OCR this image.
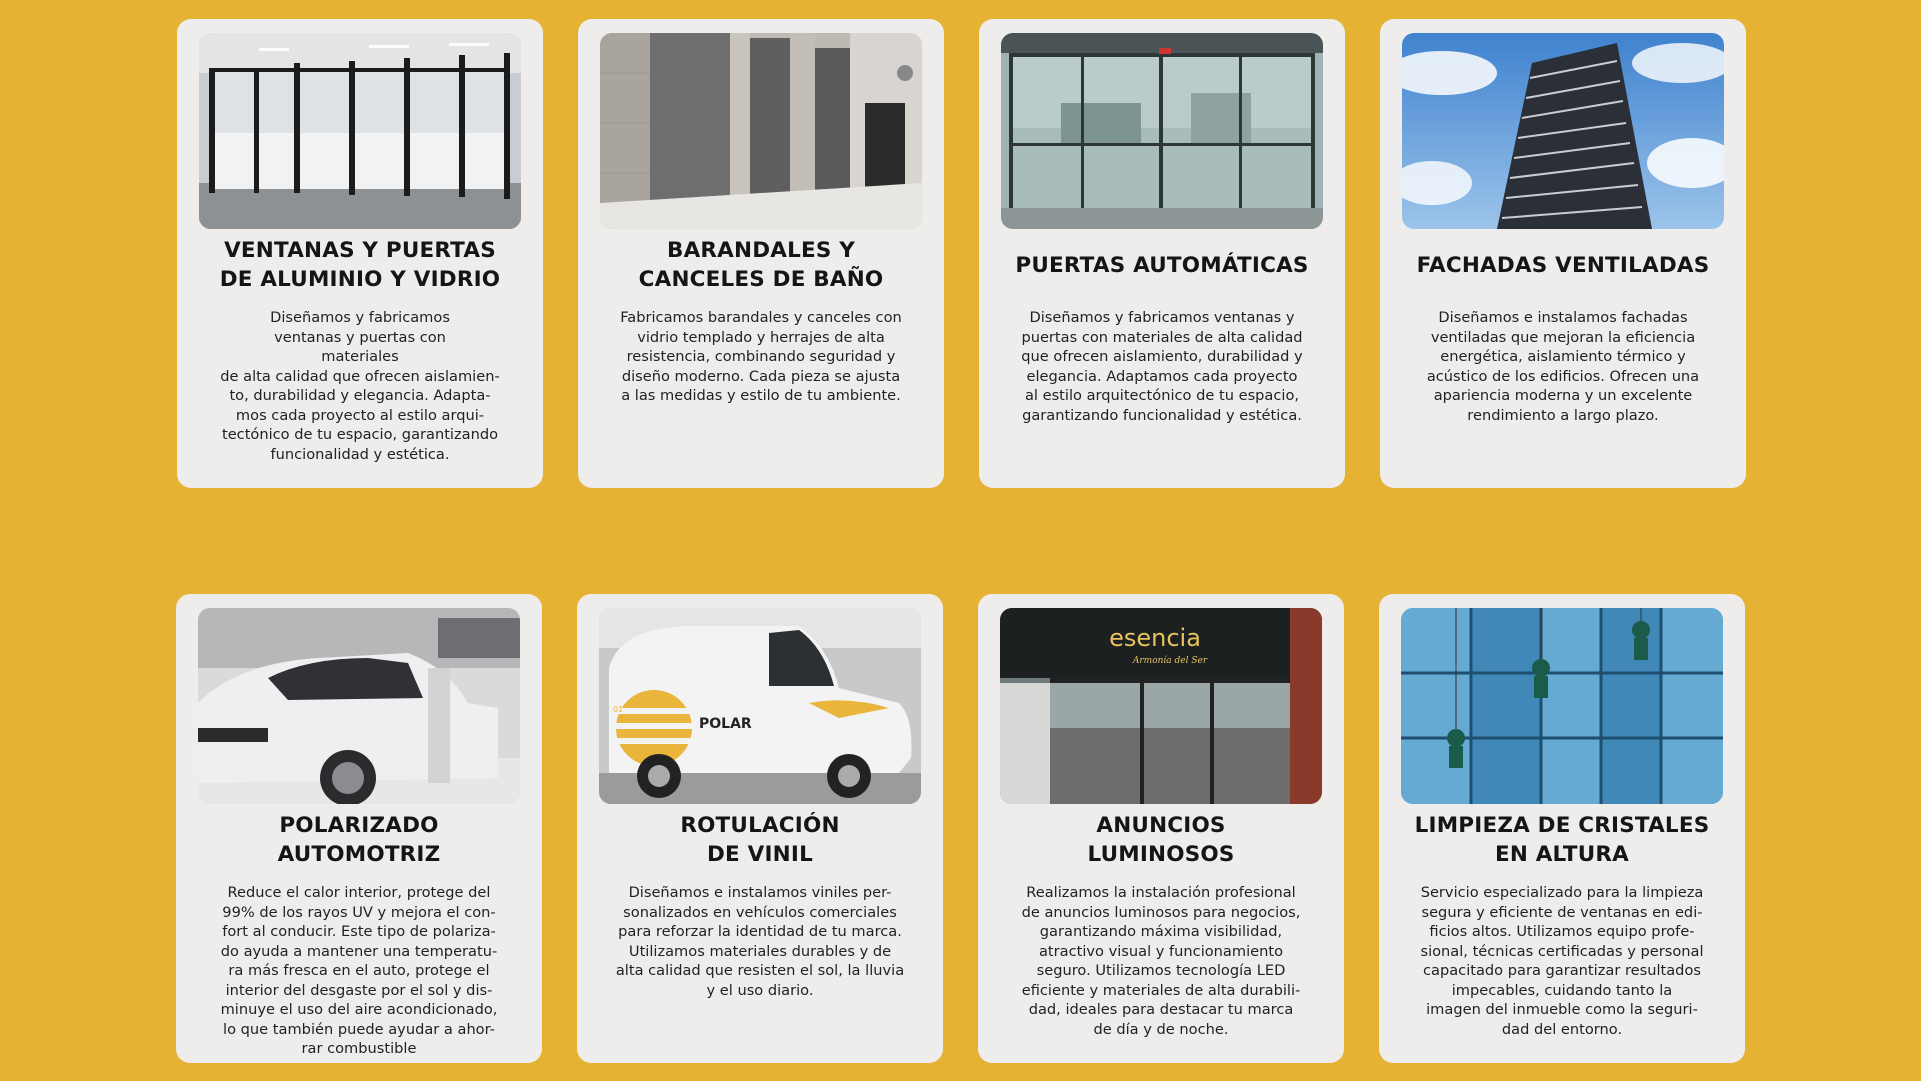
VENTANAS Y PUERTAS
DE ALUMINIO Y VIDRIO
Diseñamos y fabricamos
ventanas y puertas con
materiales
de alta calidad que ofrecen aislamien-
to, durabilidad y elegancia. Adapta-
mos cada proyecto al estilo arqui-
tectónico de tu espacio, garantizando
funcionalidad y estética.
BARANDALES Y
CANCELES DE BAÑO
Fabricamos barandales y canceles con
vidrio templado y herrajes de alta
resistencia, combinando seguridad y
diseño moderno. Cada pieza se ajusta
a las medidas y estilo de tu ambiente.
PUERTAS AUTOMÁTICAS
Diseñamos y fabricamos ventanas y
puertas con materiales de alta calidad
que ofrecen aislamiento, durabilidad y
elegancia. Adaptamos cada proyecto
al estilo arquitectónico de tu espacio,
garantizando funcionalidad y estética.
FACHADAS VENTILADAS
Diseñamos e instalamos fachadas
ventiladas que mejoran la eficiencia
energética, aislamiento térmico y
acústico de los edificios. Ofrecen una
apariencia moderna y un excelente
rendimiento a largo plazo.
POLARIZADO
AUTOMOTRIZ
Reduce el calor interior, protege del
99% de los rayos UV y mejora el con-
fort al conducir. Este tipo de polariza-
do ayuda a mantener una temperatu-
ra más fresca en el auto, protege el
interior del desgaste por el sol y dis-
minuye el uso del aire acondicionado,
lo que también puede ayudar a ahor-
rar combustible
POLAR
01
ROTULACIÓN
DE VINIL
Diseñamos e instalamos viniles per-
sonalizados en vehículos comerciales
para reforzar la identidad de tu marca.
Utilizamos materiales durables y de
alta calidad que resisten el sol, la lluvia
y el uso diario.
esencia
Armonía del Ser
ANUNCIOS
LUMINOSOS
Realizamos la instalación profesional
de anuncios luminosos para negocios,
garantizando máxima visibilidad,
atractivo visual y funcionamiento
seguro. Utilizamos tecnología LED
eficiente y materiales de alta durabili-
dad, ideales para destacar tu marca
de día y de noche.
LIMPIEZA DE CRISTALES
EN ALTURA
Servicio especializado para la limpieza
segura y eficiente de ventanas en edi-
ficios altos. Utilizamos equipo profe-
sional, técnicas certificadas y personal
capacitado para garantizar resultados
impecables, cuidando tanto la
imagen del inmueble como la seguri-
dad del entorno.
